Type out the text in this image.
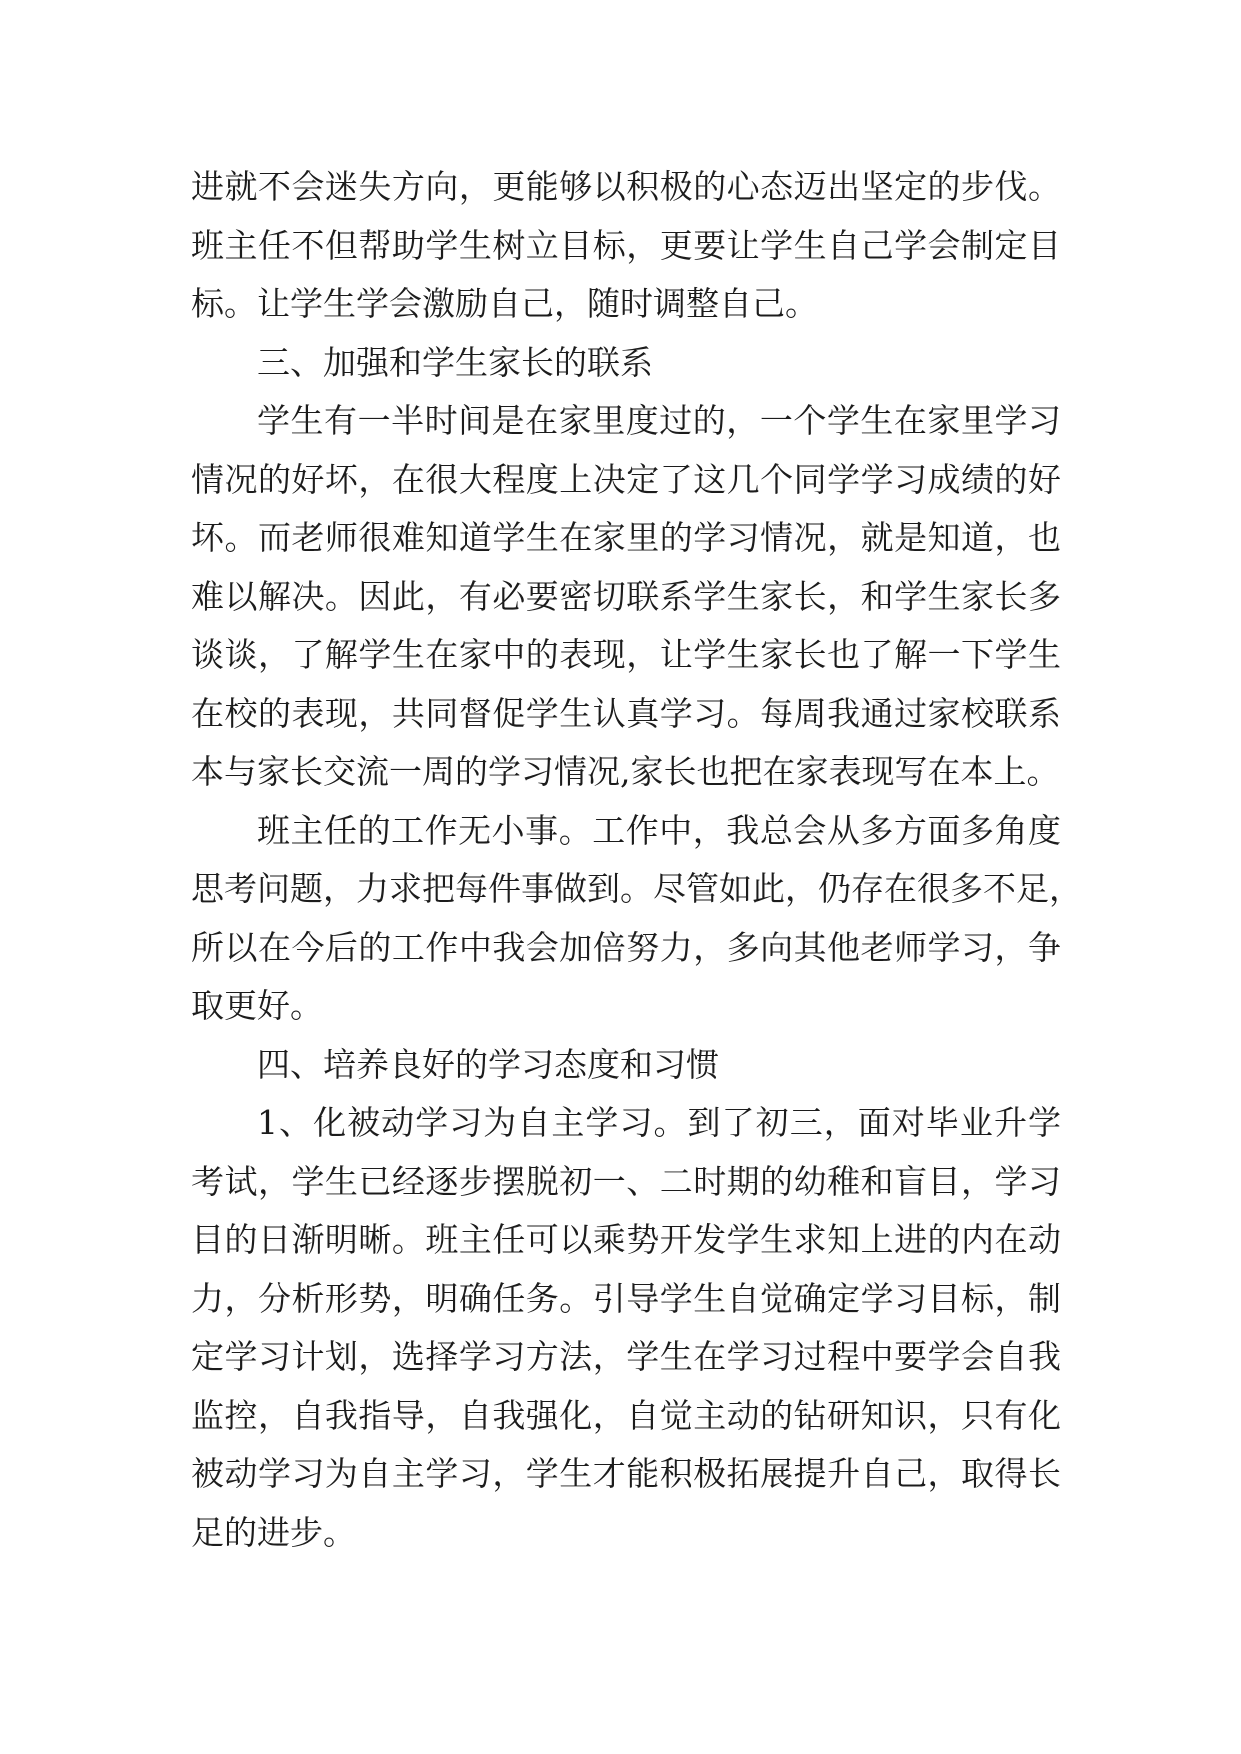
进就不会迷失方向，更能够以积极的心态迈出坚定的步伐。
班主任不但帮助学生树立目标，更要让学生自己学会制定目
标。让学生学会激励自己，随时调整自己。
三、加强和学生家长的联系
学生有一半时间是在家里度过的，一个学生在家里学习
情况的好坏，在很大程度上决定了这几个同学学习成绩的好
坏。而老师很难知道学生在家里的学习情况，就是知道，也
难以解决。因此，有必要密切联系学生家长，和学生家长多
谈谈，了解学生在家中的表现，让学生家长也了解一下学生
在校的表现，共同督促学生认真学习。每周我通过家校联系
本与家长交流一周的学习情况,家长也把在家表现写在本上。
班主任的工作无小事。工作中，我总会从多方面多角度
思考问题，力求把每件事做到。尽管如此，仍存在很多不足，
所以在今后的工作中我会加倍努力，多向其他老师学习，争
取更好。
四、培养良好的学习态度和习惯
1、化被动学习为自主学习。到了初三，面对毕业升学
考试，学生已经逐步摆脱初一、二时期的幼稚和盲目，学习
目的日渐明晰。班主任可以乘势开发学生求知上进的内在动
力，分析形势，明确任务。引导学生自觉确定学习目标，制
定学习计划，选择学习方法，学生在学习过程中要学会自我
监控，自我指导，自我强化，自觉主动的钻研知识，只有化
被动学习为自主学习，学生才能积极拓展提升自己，取得长
足的进步。
